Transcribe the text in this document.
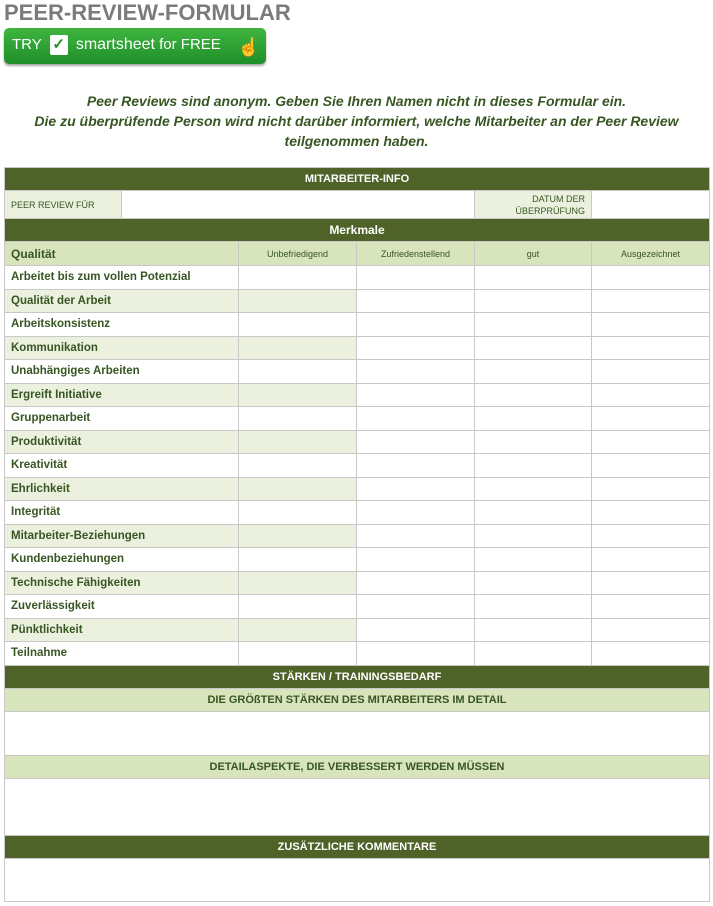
PEER-REVIEW-FORMULAR
TRY ✓ smartsheet for FREE ☝
Peer Reviews sind anonym. Geben Sie Ihren Namen nicht in dieses Formular ein.
Die zu überprüfende Person wird nicht darüber informiert, welche Mitarbeiter an der Peer Review teilgenommen haben.
MITARBEITER-INFO					
PEER REVIEW FÜR				DATUM DER
ÜBERPRÜFUNG	

Merkmale					
Qualität		Unbefriedigend	Zufriedenstellend	gut	Ausgezeichnet
Arbeitet bis zum vollen Potenzial					
Qualität der Arbeit					
Arbeitskonsistenz					
Kommunikation					
Unabhängiges Arbeiten					
Ergreift Initiative					
Gruppenarbeit					
Produktivität					
Kreativität					
Ehrlichkeit					
Integrität					
Mitarbeiter-Beziehungen					
Kundenbeziehungen					
Technische Fähigkeiten					
Zuverlässigkeit					
Pünktlichkeit					
Teilnahme					
STÄRKEN / TRAININGSBEDARF					
DIE GRÖßTEN STÄRKEN DES MITARBEITERS IM DETAIL					

DETAILASPEKTE, DIE VERBESSERT WERDEN MÜSSEN					

ZUSÄTZLICHE KOMMENTARE					
